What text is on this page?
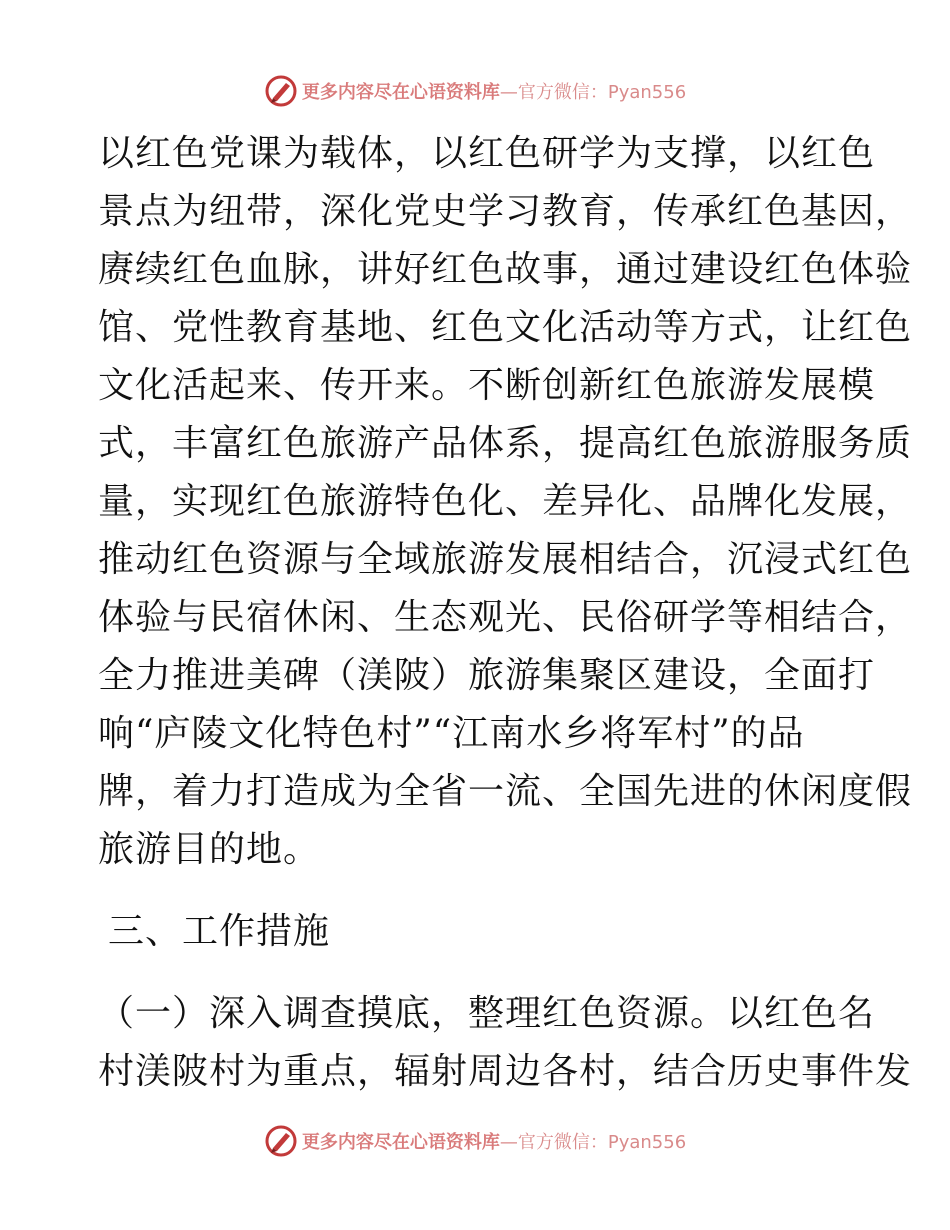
更多内容尽在心语资料库—官方微信：Pyan556
以红色党课为载体，以红色研学为支撑，以红色
景点为纽带，深化党史学习教育，传承红色基因，
赓续红色血脉，讲好红色故事，通过建设红色体验
馆、党性教育基地、红色文化活动等方式，让红色
文化活起来、传开来。不断创新红色旅游发展模
式，丰富红色旅游产品体系，提高红色旅游服务质
量，实现红色旅游特色化、差异化、品牌化发展，
推动红色资源与全域旅游发展相结合，沉浸式红色
体验与民宿休闲、生态观光、民俗研学等相结合，
全力推进美碑（渼陂）旅游集聚区建设，全面打
响“庐陵文化特色村”“江南水乡将军村”的品
牌，着力打造成为全省一流、全国先进的休闲度假
旅游目的地。
三、工作措施
（一）深入调查摸底，整理红色资源。以红色名
村渼陂村为重点，辐射周边各村，结合历史事件发
更多内容尽在心语资料库—官方微信：Pyan556
